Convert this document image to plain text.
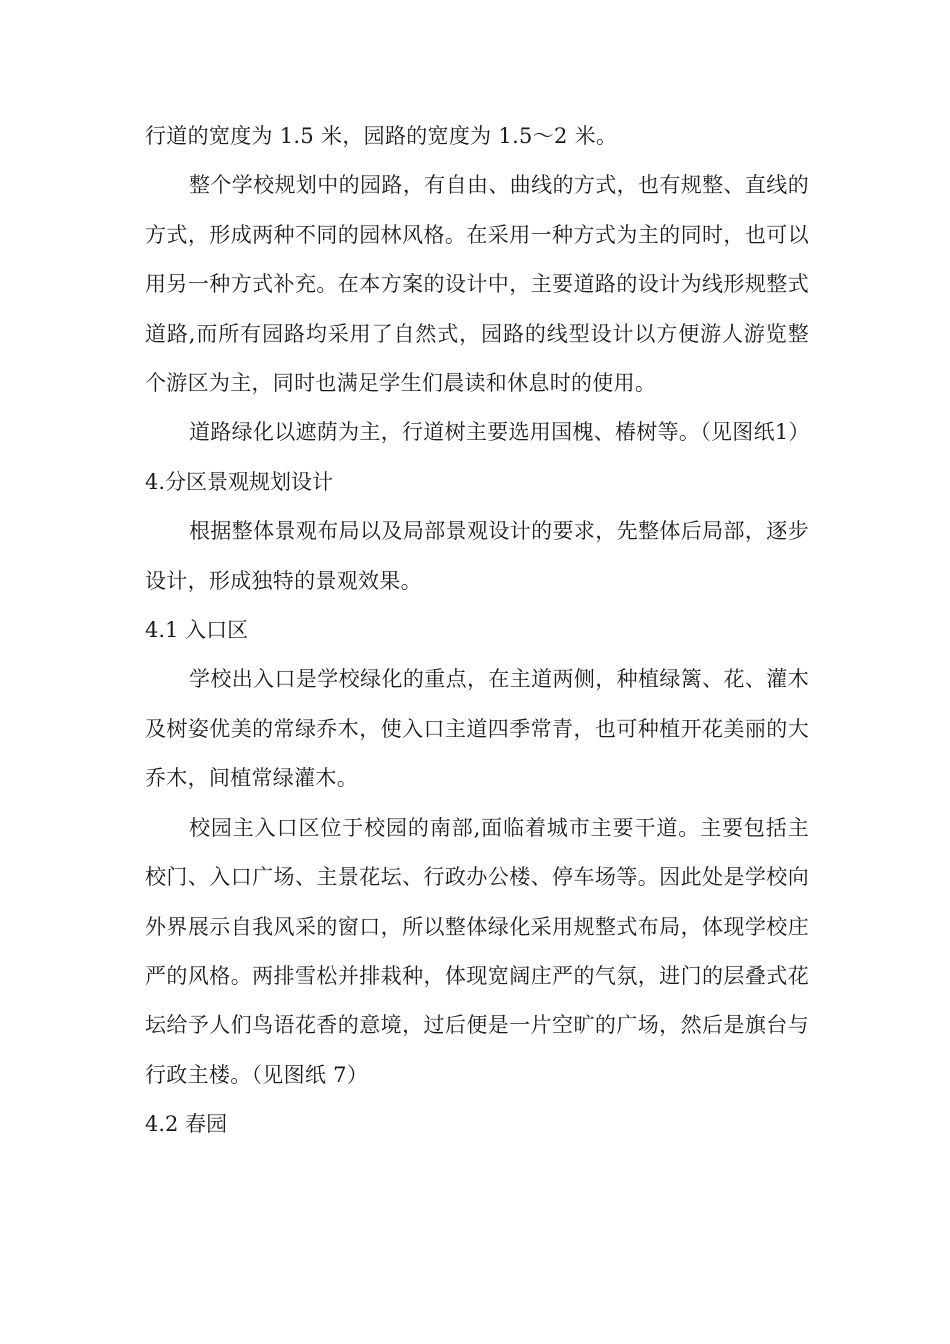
行道的宽度为 1.5 米，园路的宽度为 1.5～2 米。

整个学校规划中的园路，有自由、曲线的方式，也有规整、直线的方式，形成两种不同的园林风格。在采用一种方式为主的同时，也可以用另一种方式补充。在本方案的设计中，主要道路的设计为线形规整式道路,而所有园路均采用了自然式，园路的线型设计以方便游人游览整个游区为主，同时也满足学生们晨读和休息时的使用。

道路绿化以遮荫为主，行道树主要选用国槐、椿树等。（见图纸1）

4.分区景观规划设计

根据整体景观布局以及局部景观设计的要求，先整体后局部，逐步设计，形成独特的景观效果。

4.1 入口区

学校出入口是学校绿化的重点，在主道两侧，种植绿篱、花、灌木及树姿优美的常绿乔木，使入口主道四季常青，也可种植开花美丽的大乔木，间植常绿灌木。

校园主入口区位于校园的南部,面临着城市主要干道。主要包括主校门、入口广场、主景花坛、行政办公楼、停车场等。因此处是学校向外界展示自我风采的窗口，所以整体绿化采用规整式布局，体现学校庄严的风格。两排雪松并排栽种，体现宽阔庄严的气氛，进门的层叠式花坛给予人们鸟语花香的意境，过后便是一片空旷的广场，然后是旗台与行政主楼。（见图纸 7）

4.2 春园
